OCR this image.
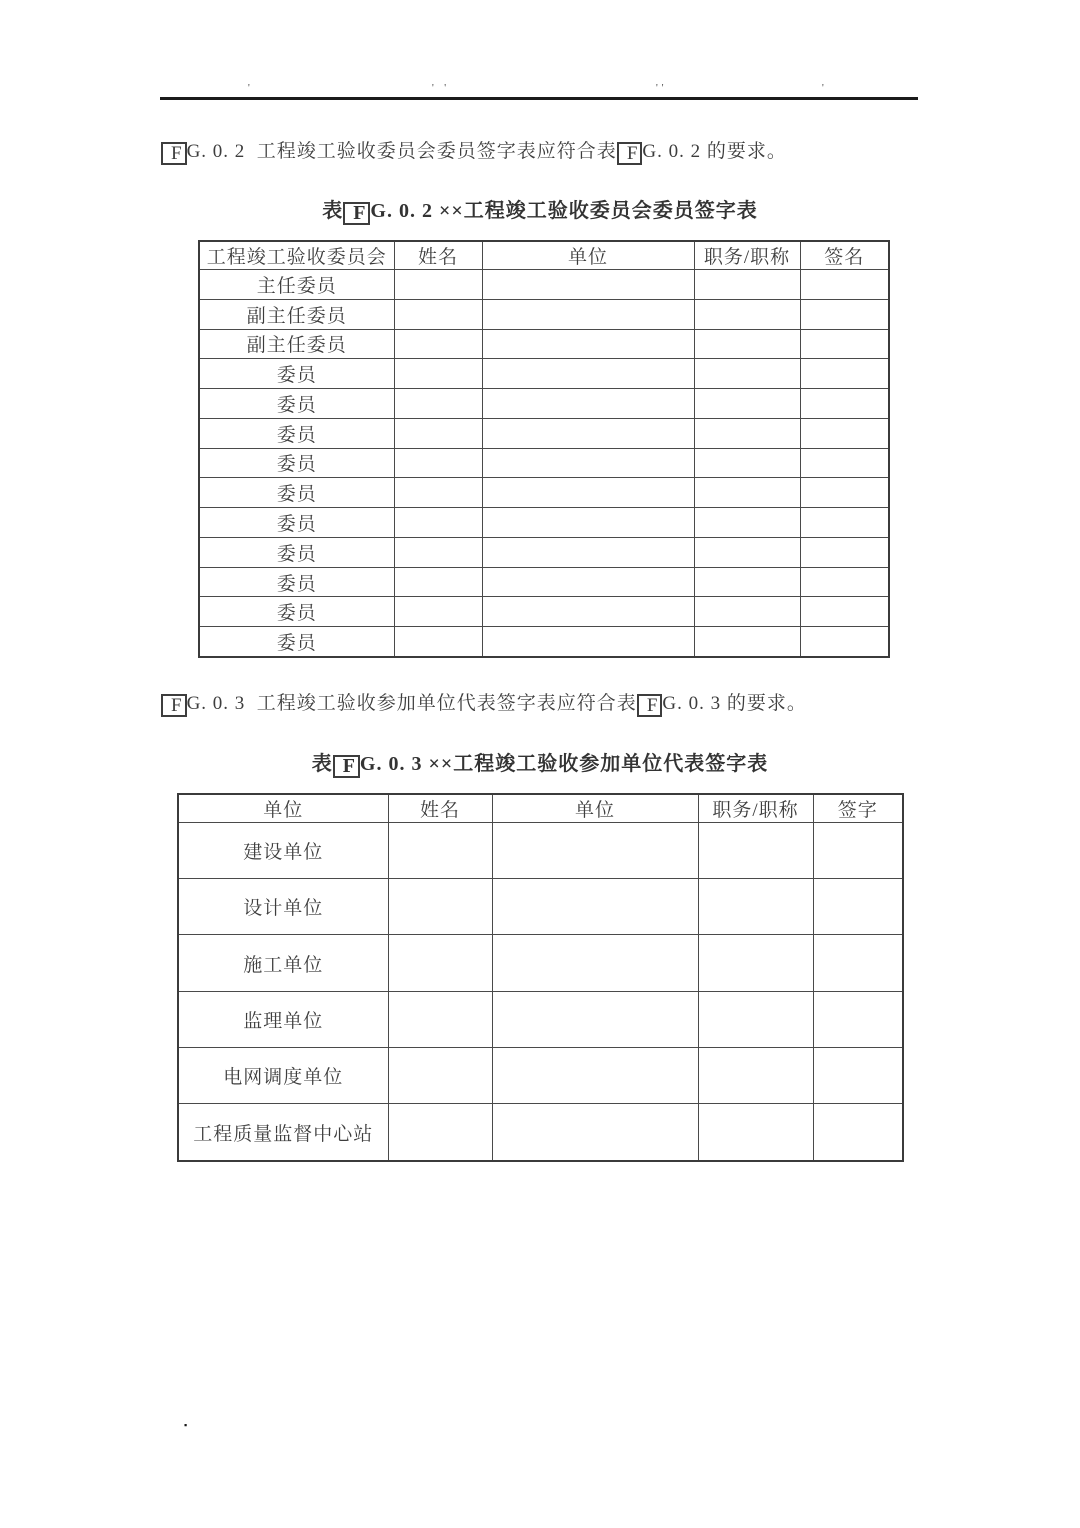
'	' '	''	'

F G. 0. 2  工程竣工验收委员会委员签字表应符合表 F G. 0. 2 的要求。

表 F G. 0. 2 ××工程竣工验收委员会委员签字表
工程竣工验收委员会	姓名	单位	职务/职称	签名
主任委员				
副主任委员				
副主任委员				
委员				
委员				
委员				
委员				
委员				
委员				
委员				
委员				
委员				
委员				

F G. 0. 3  工程竣工验收参加单位代表签字表应符合表 F G. 0. 3 的要求。

表 F G. 0. 3 ××工程竣工验收参加单位代表签字表
单位	姓名	单位	职务/职称	签字
建设单位				
设计单位				
施工单位				
监理单位				
电网调度单位				
工程质量监督中心站				
▪
